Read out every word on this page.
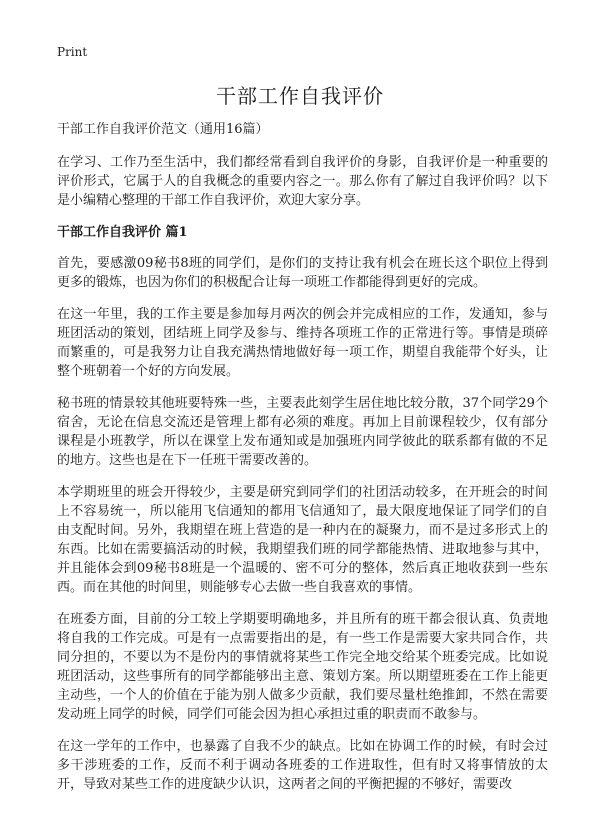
Print
干部工作自我评价

干部工作自我评价范文（通用16篇）

在学习、工作乃至生活中，我们都经常看到自我评价的身影，自我评价是一种重要的评价形式，它属于人的自我概念的重要内容之一。那么你有了解过自我评价吗？以下是小编精心整理的干部工作自我评价，欢迎大家分享。

干部工作自我评价 篇1

首先，要感激09秘书8班的同学们，是你们的支持让我有机会在班长这个职位上得到更多的锻炼，也因为你们的积极配合让每一项班工作都能得到更好的完成。

在这一年里，我的工作主要是参加每月两次的例会并完成相应的工作，发通知，参与班团活动的策划，团结班上同学及参与、维持各项班工作的正常进行等。事情是琐碎而繁重的，可是我努力让自我充满热情地做好每一项工作，期望自我能带个好头，让整个班朝着一个好的方向发展。

秘书班的情景较其他班要特殊一些，主要表此刻学生居住地比较分散，37个同学29个宿舍，无论在信息交流还是管理上都有必须的难度。再加上目前课程较少，仅有部分课程是小班教学，所以在课堂上发布通知或是加强班内同学彼此的联系都有做的不足的地方。这些也是在下一任班干需要改善的。

本学期班里的班会开得较少，主要是研究到同学们的社团活动较多，在开班会的时间上不容易统一，所以能用飞信通知的都用飞信通知了，最大限度地保证了同学们的自由支配时间。另外，我期望在班上营造的是一种内在的凝聚力，而不是过多形式上的东西。比如在需要搞活动的时候，我期望我们班的同学都能热情、进取地参与其中，并且能体会到09秘书8班是一个温暖的、密不可分的整体，然后真正地收获到一些东西。而在其他的时间里，则能够专心去做一些自我喜欢的事情。

在班委方面，目前的分工较上学期要明确地多，并且所有的班干都会很认真、负责地将自我的工作完成。可是有一点需要指出的是，有一些工作是需要大家共同合作，共同分担的，不要以为不是份内的事情就将某些工作完全地交给某个班委完成。比如说班团活动，这些事所有的同学都能够出主意、策划方案。所以期望班委在工作上能更主动些，一个人的价值在于能为别人做多少贡献，我们要尽量杜绝推卸，不然在需要发动班上同学的时候，同学们可能会因为担心承担过重的职责而不敢参与。

在这一学年的工作中，也暴露了自我不少的缺点。比如在协调工作的时候，有时会过多干涉班委的工作，反而不利于调动各班委的工作进取性，但有时又将事情放的太开，导致对某些工作的进度缺少认识，这两者之间的平衡把握的不够好，需要改
